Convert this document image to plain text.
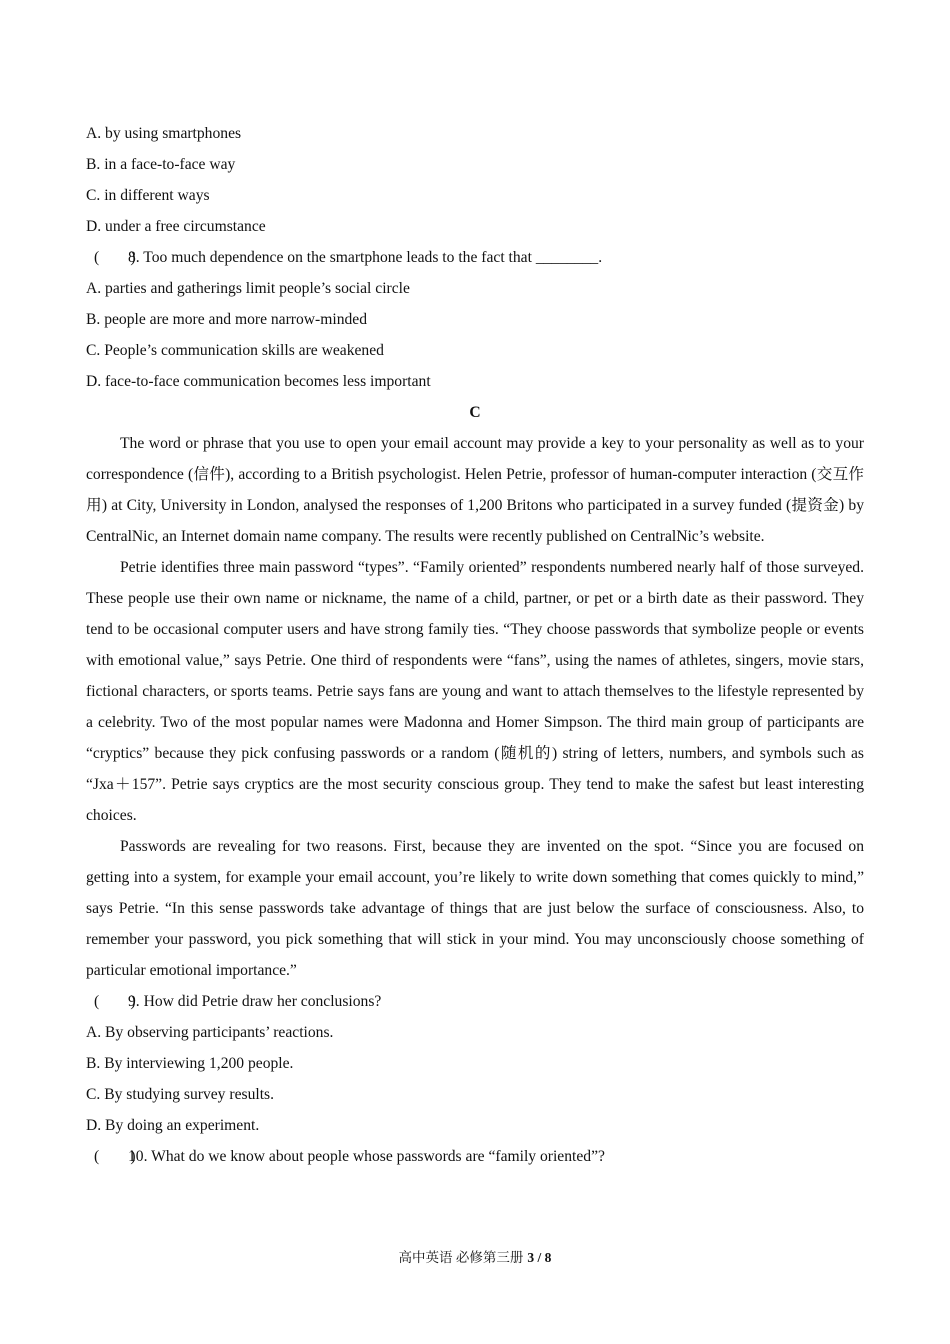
A. by using smartphones
B. in a face-to-face way
C. in different ways
D. under a free circumstance
(　　)8. Too much dependence on the smartphone leads to the fact that ________.
A. parties and gatherings limit people’s social circle
B. people are more and more narrow-minded
C. People’s communication skills are weakened
D. face-to-face communication becomes less important
C

The word or phrase that you use to open your email account may provide a key to your personality as well as to your correspondence (信件), according to a British psychologist. Helen Petrie, professor of human-computer interaction (交互作用) at City, University in London, analysed the responses of 1,200 Britons who participated in a survey funded (提资金) by CentralNic, an Internet domain name company. The results were recently published on CentralNic’s website.

Petrie identifies three main password “types”. “Family oriented” respondents numbered nearly half of those surveyed. These people use their own name or nickname, the name of a child, partner, or pet or a birth date as their password. They tend to be occasional computer users and have strong family ties. “They choose passwords that symbolize people or events with emotional value,” says Petrie. One third of respondents were “fans”, using the names of athletes, singers, movie stars, fictional characters, or sports teams. Petrie says fans are young and want to attach themselves to the lifestyle represented by a celebrity. Two of the most popular names were Madonna and Homer Simpson. The third main group of participants are “cryptics” because they pick confusing passwords or a random (随机的) string of letters, numbers, and symbols such as “Jxa＋157”. Petrie says cryptics are the most security conscious group. They tend to make the safest but least interesting choices.

Passwords are revealing for two reasons. First, because they are invented on the spot. “Since you are focused on getting into a system, for example your email account, you’re likely to write down something that comes quickly to mind,” says Petrie. “In this sense passwords take advantage of things that are just below the surface of consciousness. Also, to remember your password, you pick something that will stick in your mind. You may unconsciously choose something of particular emotional importance.”

(　　)9. How did Petrie draw her conclusions?
A. By observing participants’ reactions.
B. By interviewing 1,200 people.
C. By studying survey results.
D. By doing an experiment.
(　　)10. What do we know about people whose passwords are “family oriented”?
高中英语 必修第三册 3 / 8
